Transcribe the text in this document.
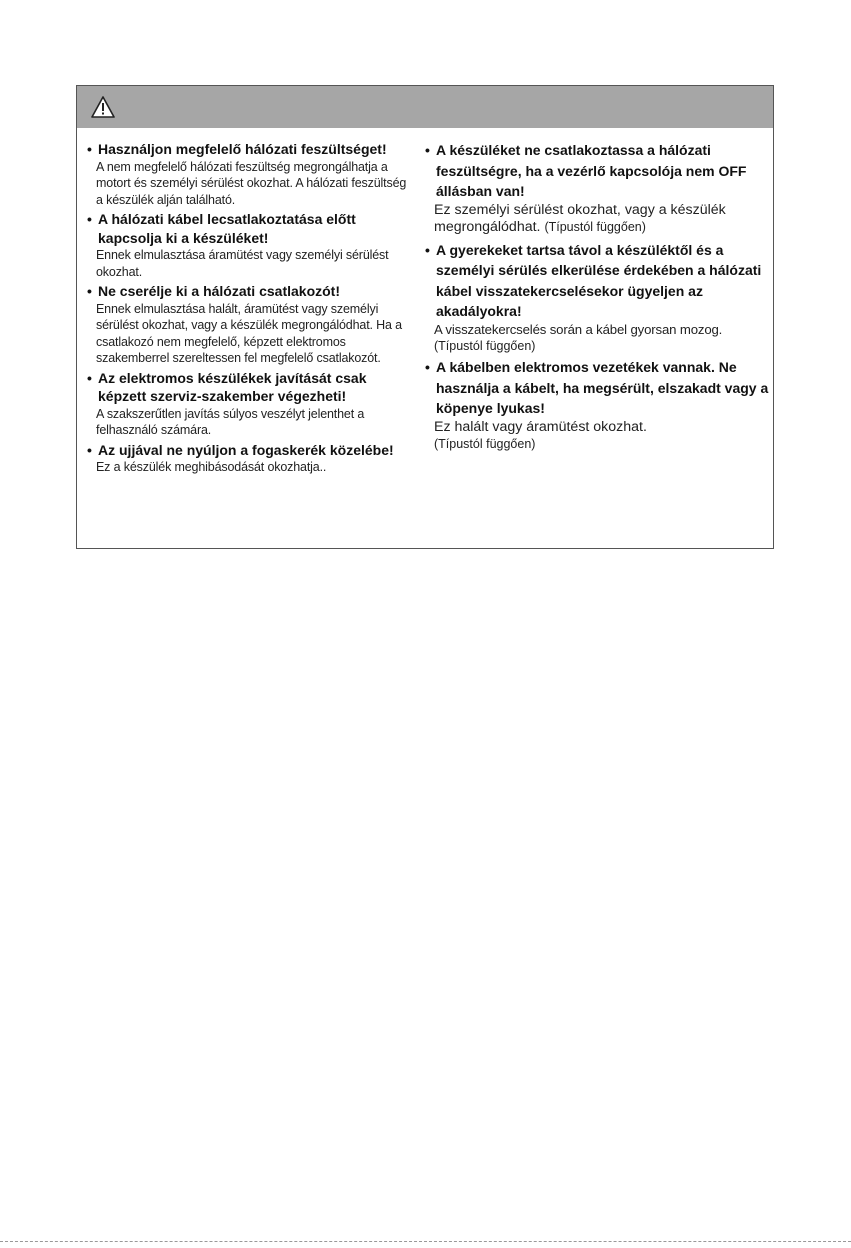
• Használjon megfelelő hálózati feszültséget!
A nem megfelelő hálózati feszültség megrongálhatja a motort és személyi sérülést okozhat. A hálózati feszültség a készülék alján található.
• A hálózati kábel lecsatlakoztatása előtt kapcsolja ki a készüléket!
Ennek elmulasztása áramütést vagy személyi sérülést okozhat.
• Ne cserélje ki a hálózati csatlakozót!
Ennek elmulasztása halált, áramütést vagy személyi sérülést okozhat, vagy a készülék megrongálódhat. Ha a csatlakozó nem megfelelő, képzett elektromos szakemberrel szereltessen fel megfelelő csatlakozót.
• Az elektromos készülékek javítását csak képzett szerviz-szakember végezheti!
A szakszerűtlen javítás súlyos veszélyt jelenthet a felhasználó számára.
• Az ujjával ne nyúljon a fogaskerék közelébe!
Ez a készülék meghibásodását okozhatja..
• A készüléket ne csatlakoztassa a hálózati feszültségre, ha a vezérlő kapcsolója nem OFF állásban van!
Ez személyi sérülést okozhat, vagy a készülék megrongálódhat. (Típustól függően)
• A gyerekeket tartsa távol a készüléktől és a személyi sérülés elkerülése érdekében a hálózati kábel visszatekercselésekor ügyeljen az akadályokra!
A visszatekercselés során a kábel gyorsan mozog.
(Típustól függően)
• A kábelben elektromos vezetékek vannak. Ne használja a kábelt, ha megsérült, elszakadt vagy a köpenye lyukas!
Ez halált vagy áramütést okozhat.
(Típustól függően)
